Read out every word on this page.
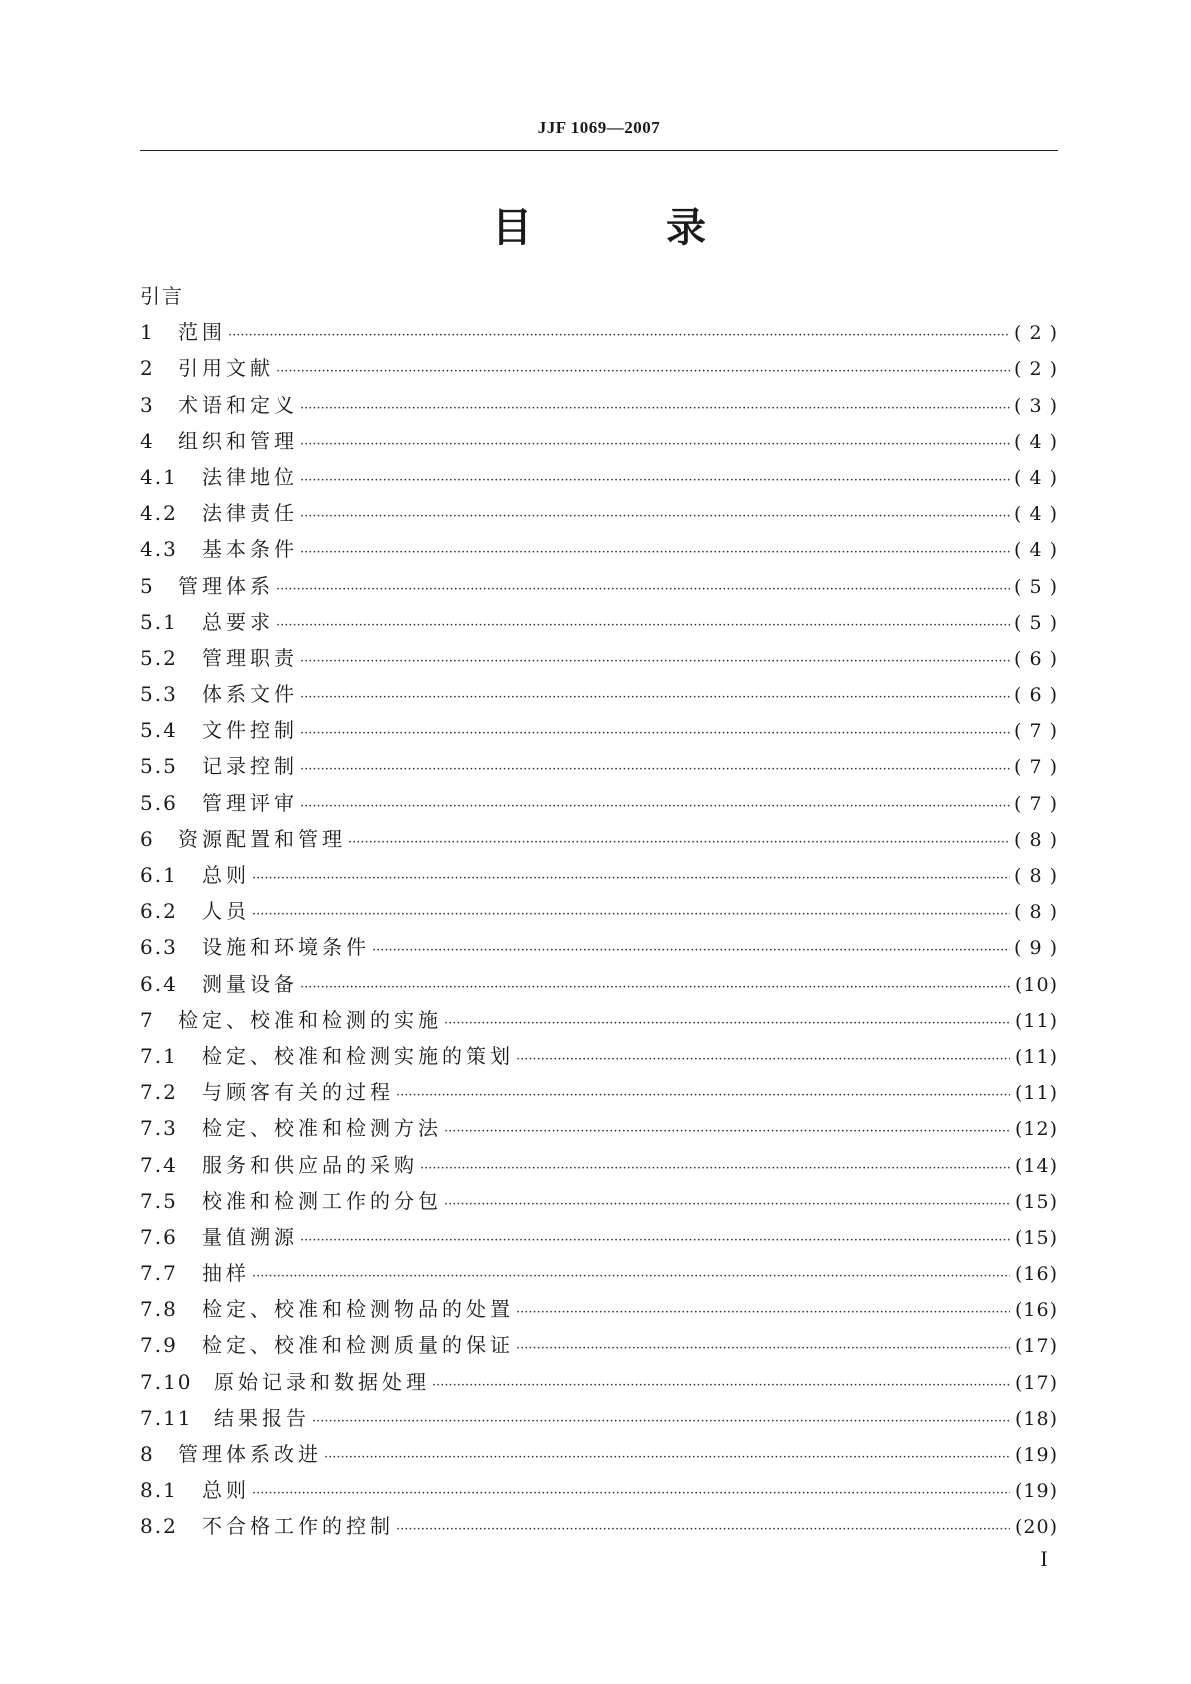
JJF 1069—2007
目 录
引言
1	范围 ·····	( 2 )
2	引用文献 ·····	( 2 )
3	术语和定义 ·····	( 3 )
4	组织和管理 ·····	( 4 )
4.1	法律地位 ·····	( 4 )
4.2	法律责任 ·····	( 4 )
4.3	基本条件 ·····	( 4 )
5	管理体系 ·····	( 5 )
5.1	总要求 ·····	( 5 )
5.2	管理职责 ·····	( 6 )
5.3	体系文件 ·····	( 6 )
5.4	文件控制 ·····	( 7 )
5.5	记录控制 ·····	( 7 )
5.6	管理评审 ·····	( 7 )
6	资源配置和管理 ·····	( 8 )
6.1	总则 ·····	( 8 )
6.2	人员 ·····	( 8 )
6.3	设施和环境条件 ·····	( 9 )
6.4	测量设备 ·····	(10)
7	检定、校准和检测的实施 ·····	(11)
7.1	检定、校准和检测实施的策划 ·····	(11)
7.2	与顾客有关的过程 ·····	(11)
7.3	检定、校准和检测方法 ·····	(12)
7.4	服务和供应品的采购 ·····	(14)
7.5	校准和检测工作的分包 ·····	(15)
7.6	量值溯源 ·····	(15)
7.7	抽样 ·····	(16)
7.8	检定、校准和检测物品的处置 ·····	(16)
7.9	检定、校准和检测质量的保证 ·····	(17)
7.10	原始记录和数据处理 ·····	(17)
7.11	结果报告 ·····	(18)
8	管理体系改进 ·····	(19)
8.1	总则 ·····	(19)
8.2	不合格工作的控制 ·····	(20)
I
